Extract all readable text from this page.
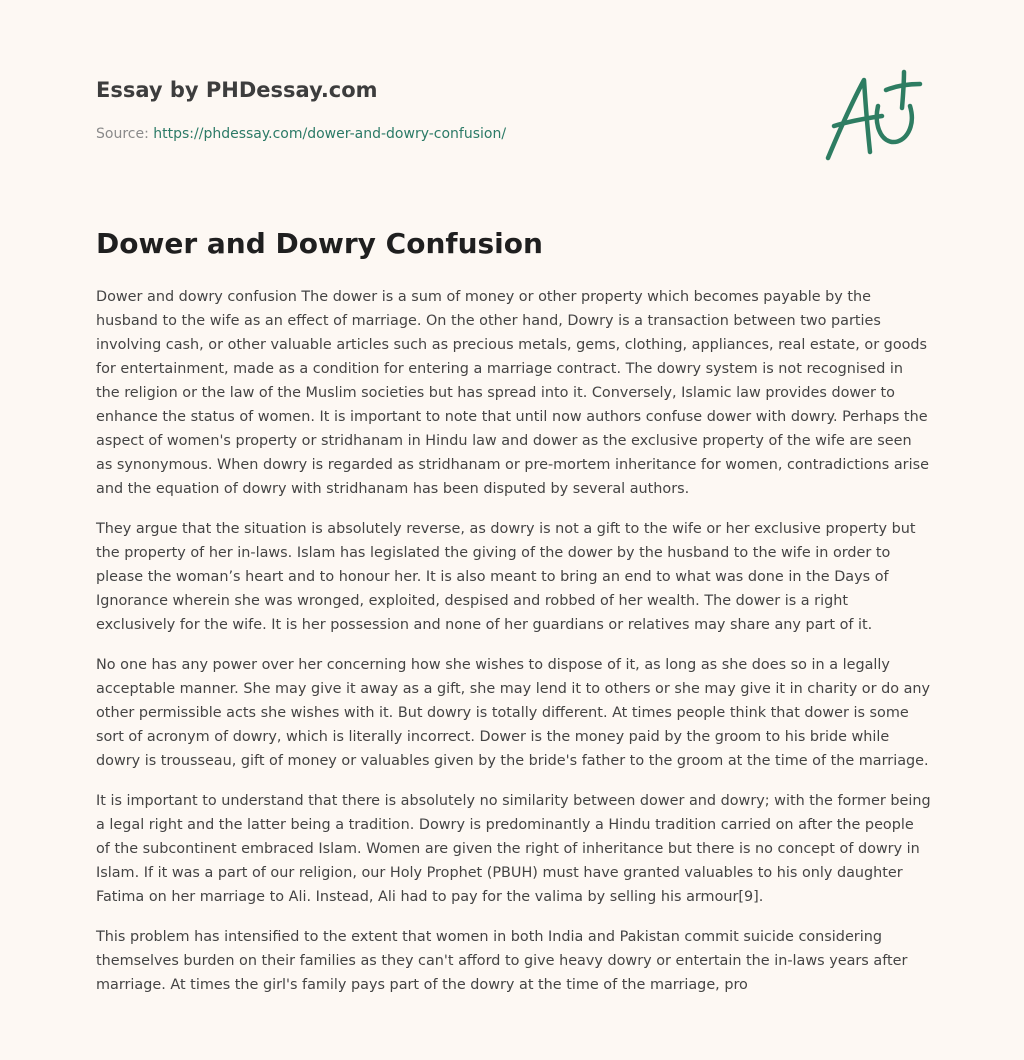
Essay by PHDessay.com
Source: https://phdessay.com/dower-and-dowry-confusion/
Dower and Dowry Confusion

Dower and dowry confusion The dower is a sum of money or other property which becomes payable by the husband to the wife as an effect of marriage. On the other hand, Dowry is a transaction between two parties involving cash, or other valuable articles such as precious metals, gems, clothing, appliances, real estate, or goods for entertainment, made as a condition for entering a marriage contract. The dowry system is not recognised in the religion or the law of the Muslim societies but has spread into it. Conversely, Islamic law provides dower to enhance the status of women. It is important to note that until now authors confuse dower with dowry. Perhaps the aspect of women's property or stridhanam in Hindu law and dower as the exclusive property of the wife are seen as synonymous. When dowry is regarded as stridhanam or pre-mortem inheritance for women, contradictions arise and the equation of dowry with stridhanam has been disputed by several authors.

They argue that the situation is absolutely reverse, as dowry is not a gift to the wife or her exclusive property but the property of her in-laws. Islam has legislated the giving of the dower by the husband to the wife in order to please the woman’s heart and to honour her. It is also meant to bring an end to what was done in the Days of Ignorance wherein she was wronged, exploited, despised and robbed of her wealth. The dower is a right exclusively for the wife. It is her possession and none of her guardians or relatives may share any part of it.

No one has any power over her concerning how she wishes to dispose of it, as long as she does so in a legally acceptable manner. She may give it away as a gift, she may lend it to others or she may give it in charity or do any other permissible acts she wishes with it. But dowry is totally different. At times people think that dower is some sort of acronym of dowry, which is literally incorrect. Dower is the money paid by the groom to his bride while dowry is trousseau, gift of money or valuables given by the bride's father to the groom at the time of the marriage.

It is important to understand that there is absolutely no similarity between dower and dowry; with the former being a legal right and the latter being a tradition. Dowry is predominantly a Hindu tradition carried on after the people of the subcontinent embraced Islam. Women are given the right of inheritance but there is no concept of dowry in Islam. If it was a part of our religion, our Holy Prophet (PBUH) must have granted valuables to his only daughter Fatima on her marriage to Ali. Instead, Ali had to pay for the valima by selling his armour[9].

This problem has intensified to the extent that women in both India and Pakistan commit suicide considering themselves burden on their families as they can't afford to give heavy dowry or entertain the in-laws years after marriage. At times the girl's family pays part of the dowry at the time of the marriage, pro
